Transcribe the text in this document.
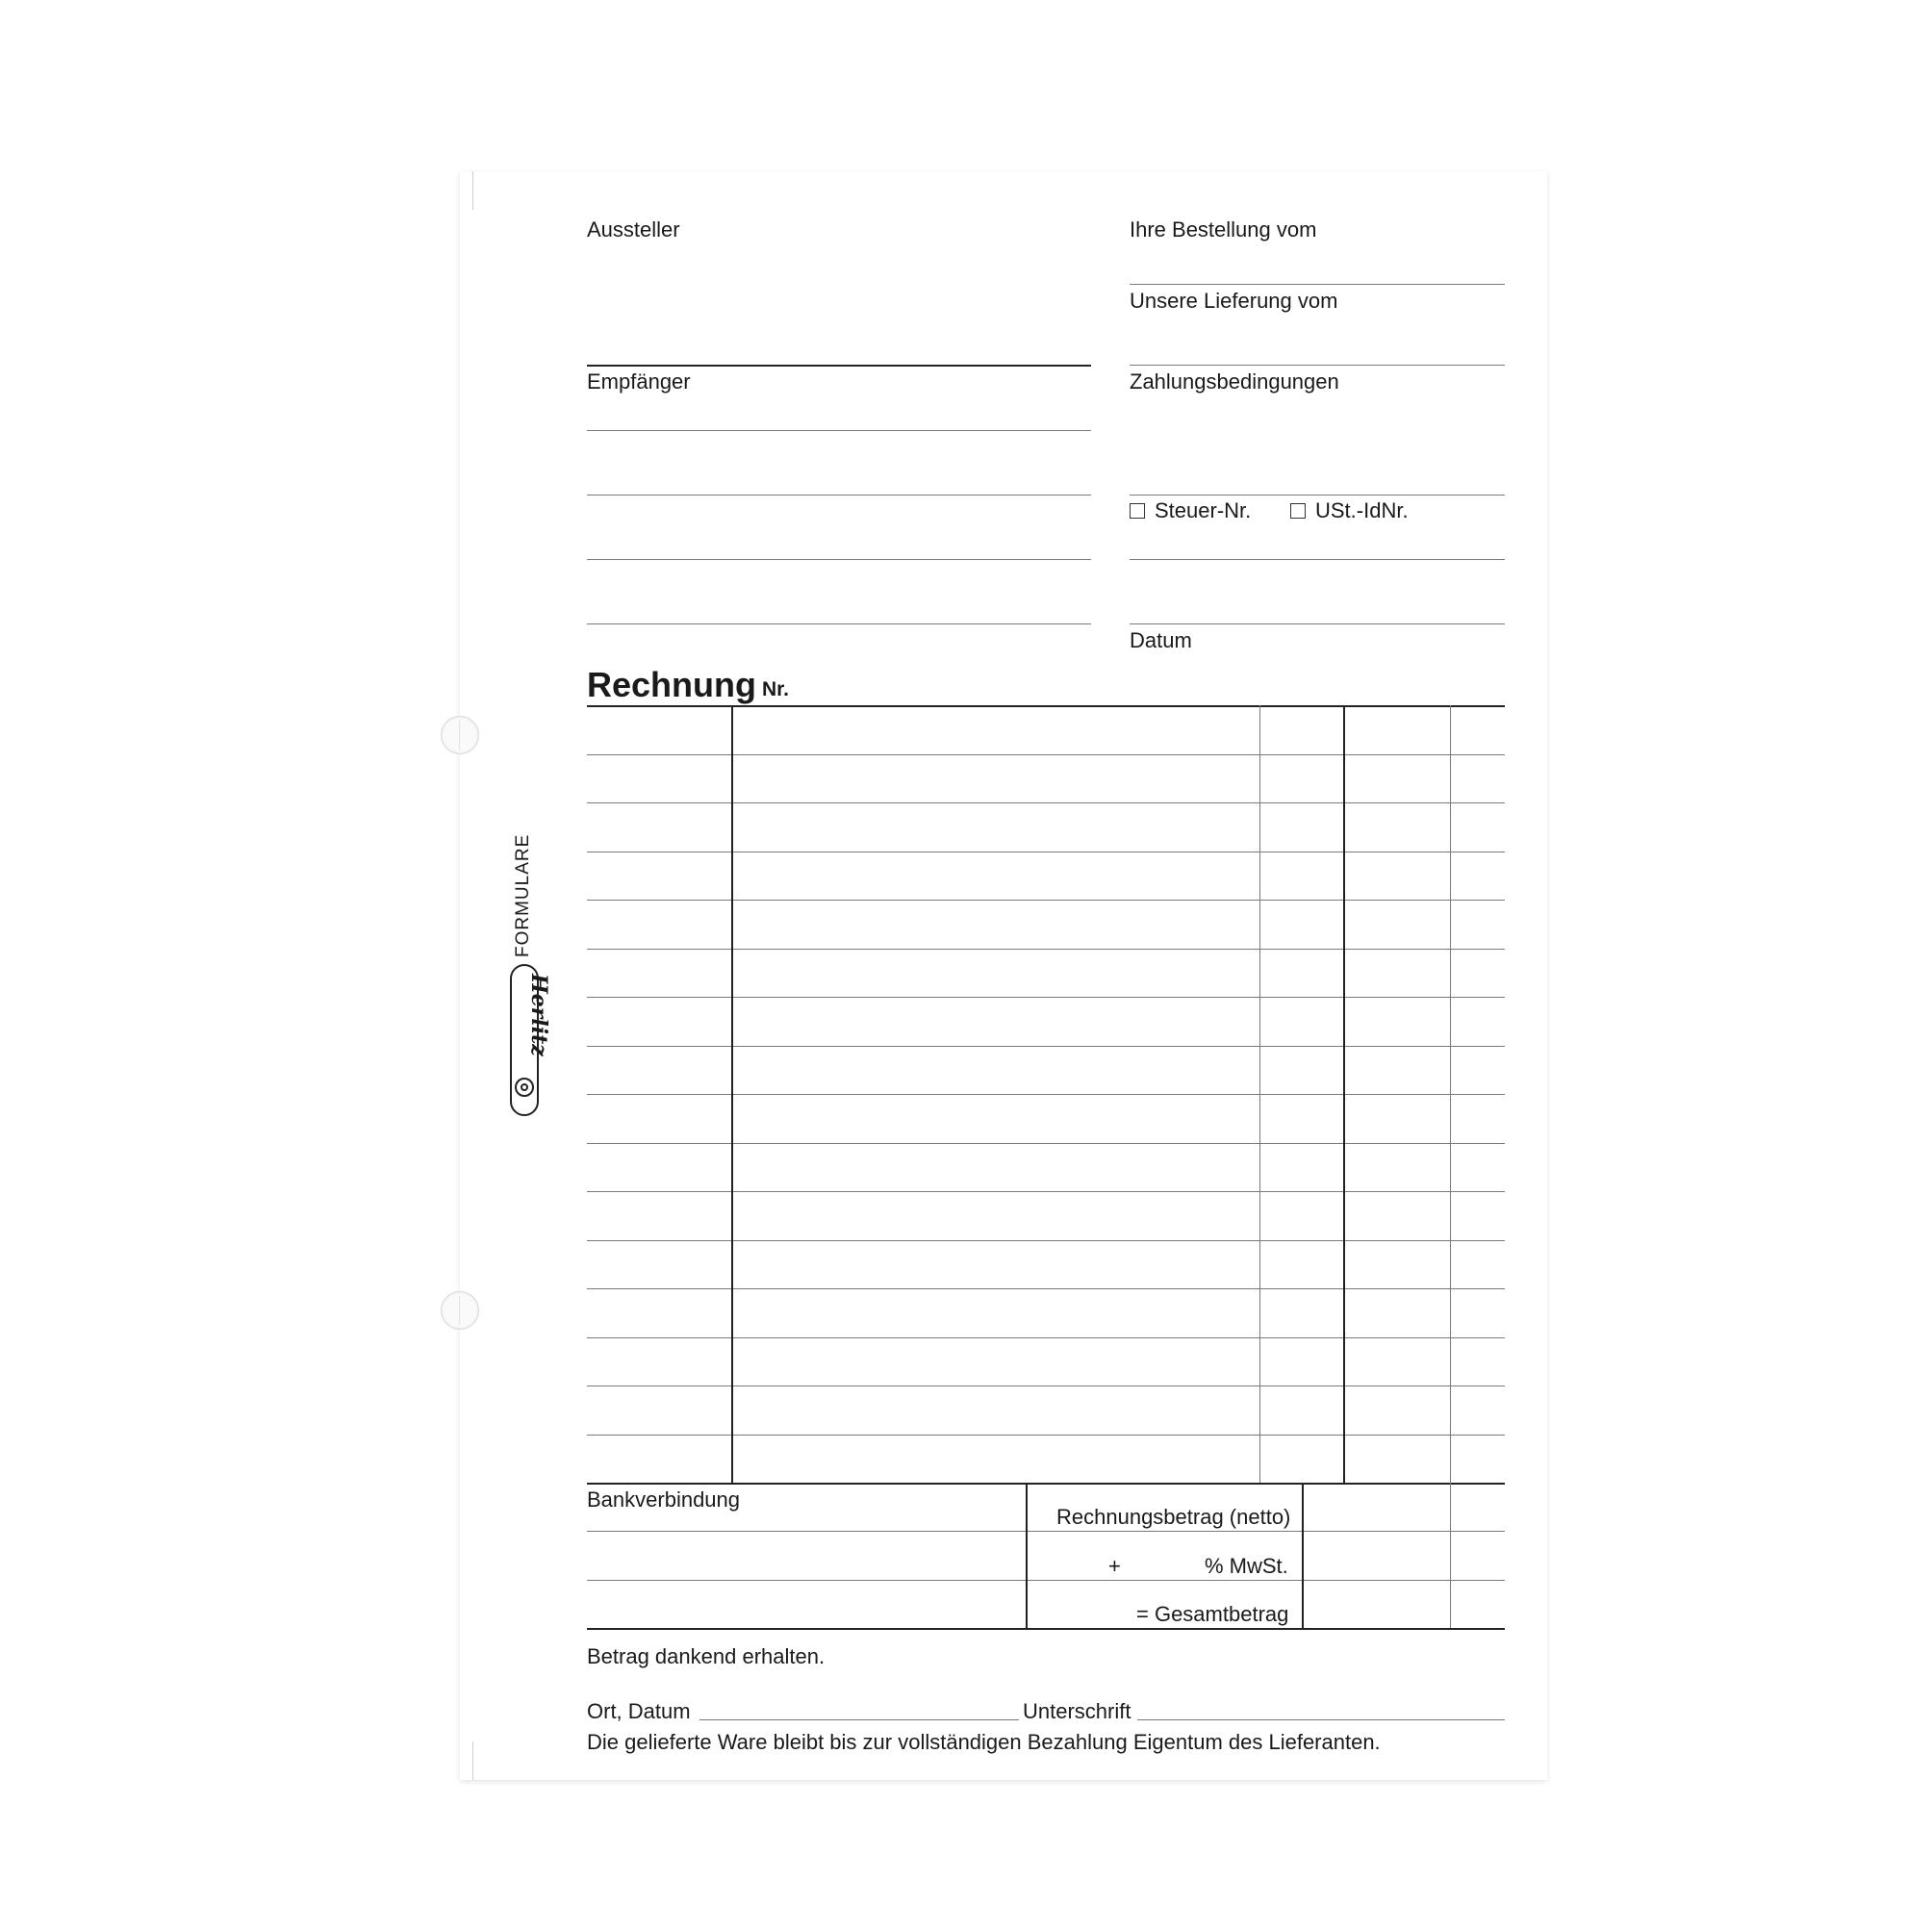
FORMULARE
Herlitz
Aussteller
Empfänger
Ihre Bestellung vom
Unsere Lieferung vom
Zahlungsbedingungen
Steuer-Nr.	USt.-IdNr.
Datum
Rechnung Nr.
Bankverbindung
Rechnungsbetrag (netto)
+	% MwSt.
= Gesamtbetrag
Betrag dankend erhalten.
Ort, Datum	Unterschrift
Die gelieferte Ware bleibt bis zur vollständigen Bezahlung Eigentum des Lieferanten.
